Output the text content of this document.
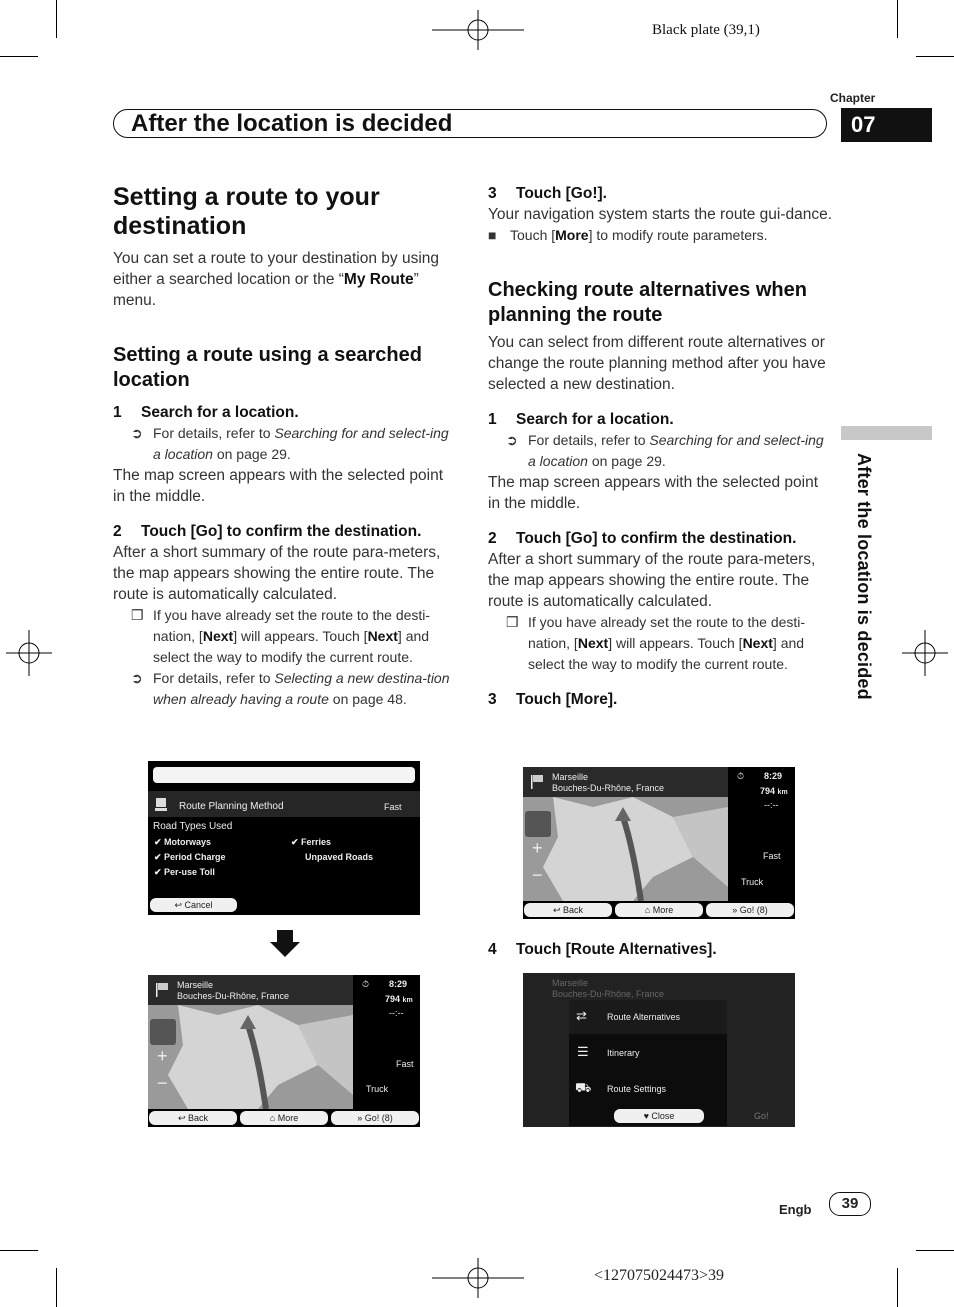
Black plate (39,1)
Chapter
After the location is decided	07
After the location is decided
Setting a route to your destination

You can set a route to your destination by using either a searched location or the “My Route” menu.

Setting a route using a searched location
1 Search for a location.
➲ For details, refer to Searching for and select-ing a location on page 29.

The map screen appears with the selected point in the middle.

2 Touch [Go] to confirm the destination.

After a short summary of the route para-meters, the map appears showing the entire route. The route is automatically calculated.

❒ If you have already set the route to the desti-nation, [Next] will appears. Touch [Next] and select the way to modify the current route.
➲ For details, refer to Selecting a new destina-tion when already having a route on page 48.
Route Planning Method	Fast
Road Types Used
✔ Motorways
✔ Period Charge
✔ Per-use Toll
✔ Ferries
Unpaved Roads
↩ Cancel
Marseille
Bouches-Du-Rhône, France
+
−
⏱ 8:29
794 km
--:--
Fast
Truck
↩ Back	⌂ More	» Go! (8)
3 Touch [Go!].

Your navigation system starts the route gui-dance.

■ Touch [More] to modify route parameters.
Checking route alternatives when planning the route

You can select from different route alternatives or change the route planning method after you have selected a new destination.

1 Search for a location.
➲ For details, refer to Searching for and select-ing a location on page 29.

The map screen appears with the selected point in the middle.

2 Touch [Go] to confirm the destination.

After a short summary of the route para-meters, the map appears showing the entire route. The route is automatically calculated.

❒ If you have already set the route to the desti-nation, [Next] will appears. Touch [Next] and select the way to modify the current route.
3 Touch [More].
4 Touch [Route Alternatives].
Marseille
Bouches-Du-Rhône, France
+
−
⏱ 8:29
794 km
--:--
Fast
Truck
↩ Back	⌂ More	» Go! (8)
Marseille
Bouches-Du-Rhône, France
⇄ Route Alternatives
☰ Itinerary
⛟ Route Settings
♥ Close	Go!
Engb	39
<127075024473>39
